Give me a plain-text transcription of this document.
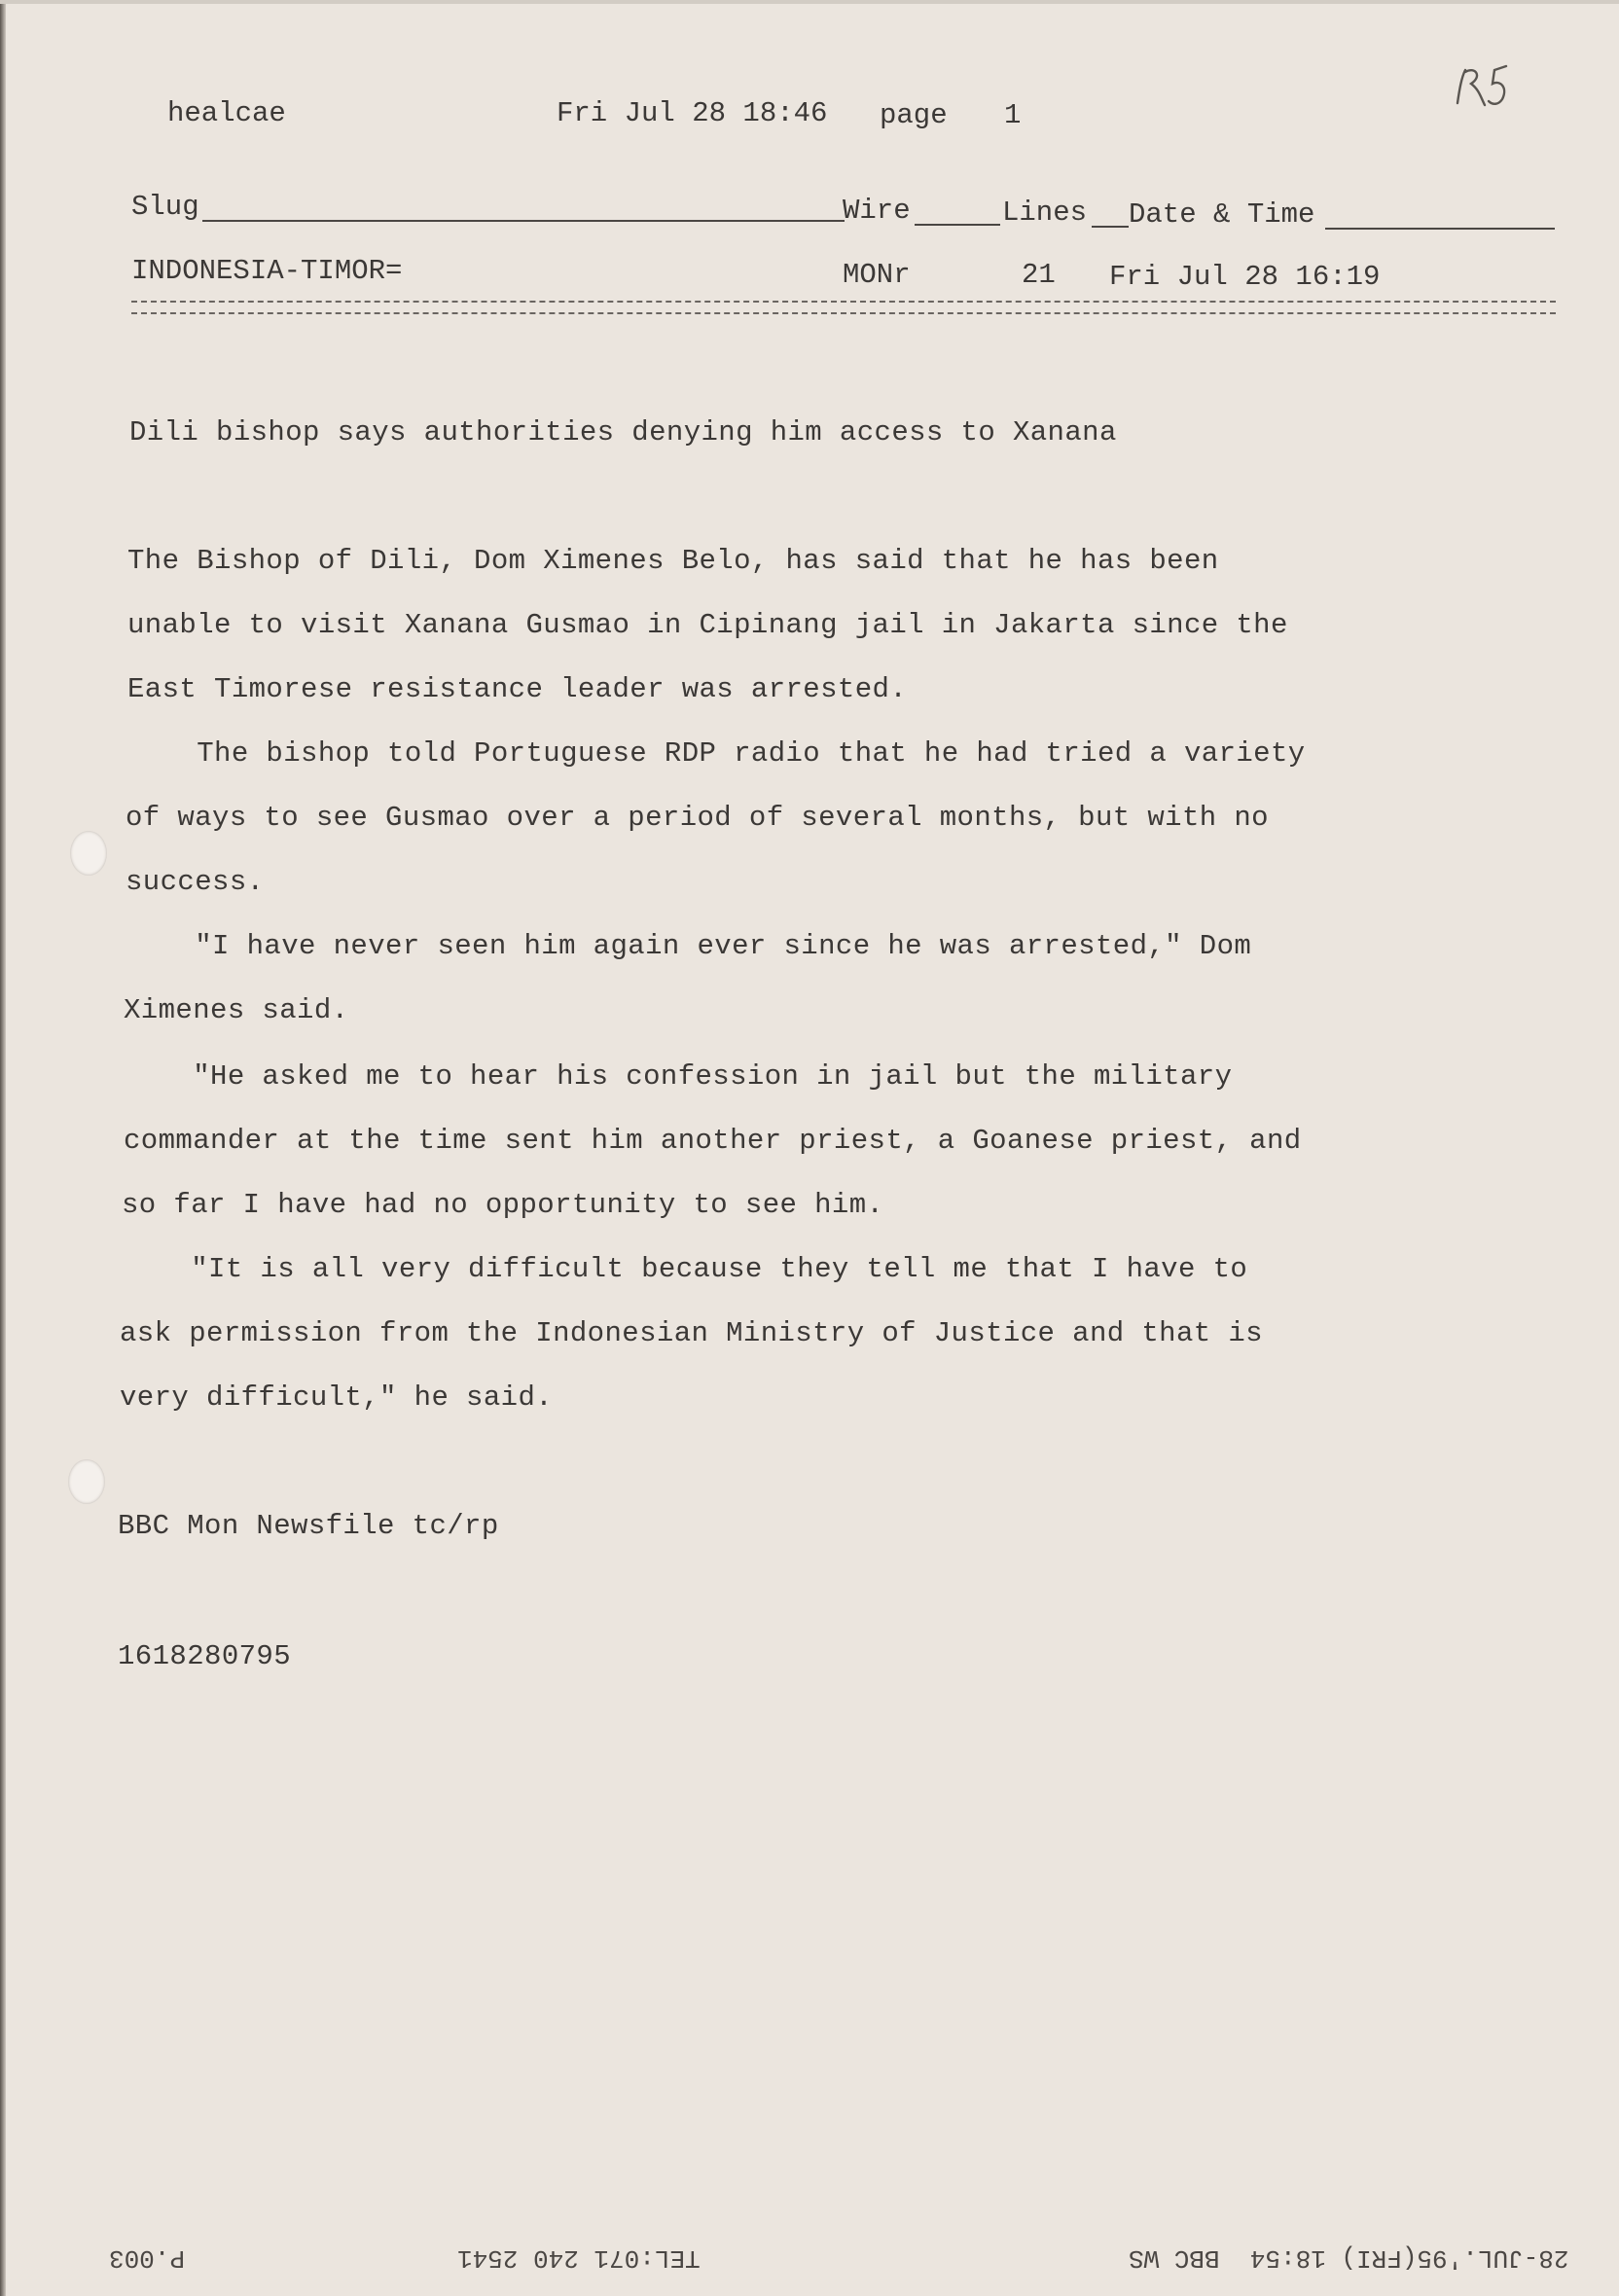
healcae	Fri Jul 28 18:46 page 1
Slug	Wire	Lines Date & Time
INDONESIA-TIMOR=	MONr	21 Fri Jul 28 16:19
Dili bishop says authorities denying him access to Xanana
The Bishop of Dili, Dom Ximenes Belo, has said that he has been
unable to visit Xanana Gusmao in Cipinang jail in Jakarta since the
East Timorese resistance leader was arrested.
The bishop told Portuguese RDP radio that he had tried a variety
of ways to see Gusmao over a period of several months, but with no
success.
"I have never seen him again ever since he was arrested," Dom
Ximenes said.
"He asked me to hear his confession in jail but the military
commander at the time sent him another priest, a Goanese priest, and
so far I have had no opportunity to see him.
"It is all very difficult because they tell me that I have to
ask permission from the Indonesian Ministry of Justice and that is
very difficult," he said.
BBC Mon Newsfile tc/rp
1618280795
28-JUL.'95(FRI) 18:54  BBC WS
TEL:071 240 2541
P.003
